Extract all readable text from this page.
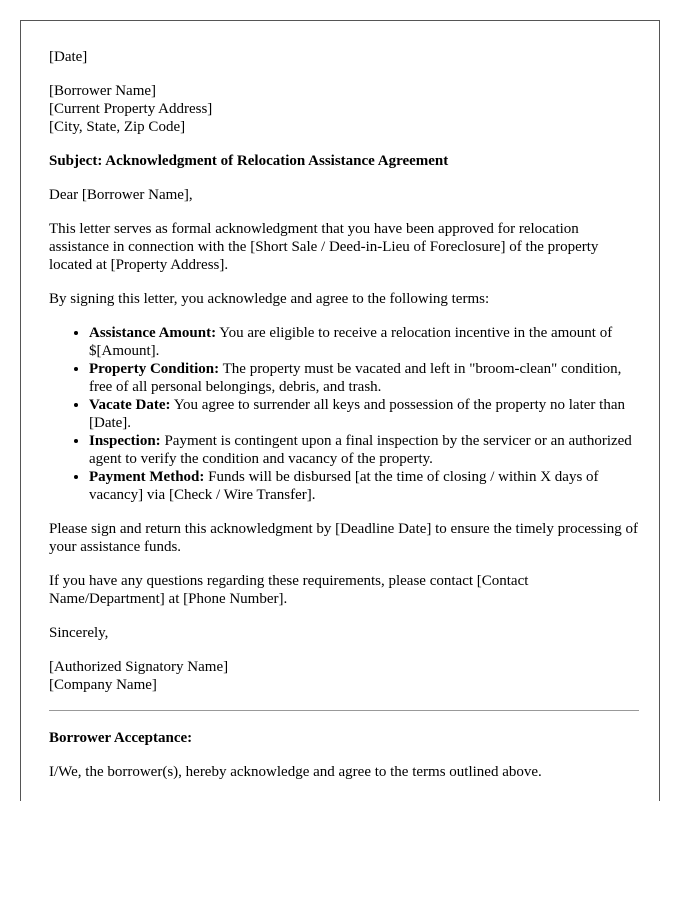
[Date]

[Borrower Name]

[Current Property Address]

[City, State, Zip Code]

Subject: Acknowledgment of Relocation Assistance Agreement

Dear [Borrower Name],

This letter serves as formal acknowledgment that you have been approved for relocation assistance in connection with the [Short Sale / Deed-in-Lieu of Foreclosure] of the property located at [Property Address].

By signing this letter, you acknowledge and agree to the following terms:

• Assistance Amount: You are eligible to receive a relocation incentive in the amount of $[Amount].
• Property Condition: The property must be vacated and left in "broom-clean" condition, free of all personal belongings, debris, and trash.
• Vacate Date: You agree to surrender all keys and possession of the property no later than [Date].
• Inspection: Payment is contingent upon a final inspection by the servicer or an authorized agent to verify the condition and vacancy of the property.
• Payment Method: Funds will be disbursed [at the time of closing / within X days of vacancy] via [Check / Wire Transfer].

Please sign and return this acknowledgment by [Deadline Date] to ensure the timely processing of your assistance funds.

If you have any questions regarding these requirements, please contact [Contact Name/Department] at [Phone Number].

Sincerely,

[Authorized Signatory Name]

[Company Name]

Borrower Acceptance:

I/We, the borrower(s), hereby acknowledge and agree to the terms outlined above.
